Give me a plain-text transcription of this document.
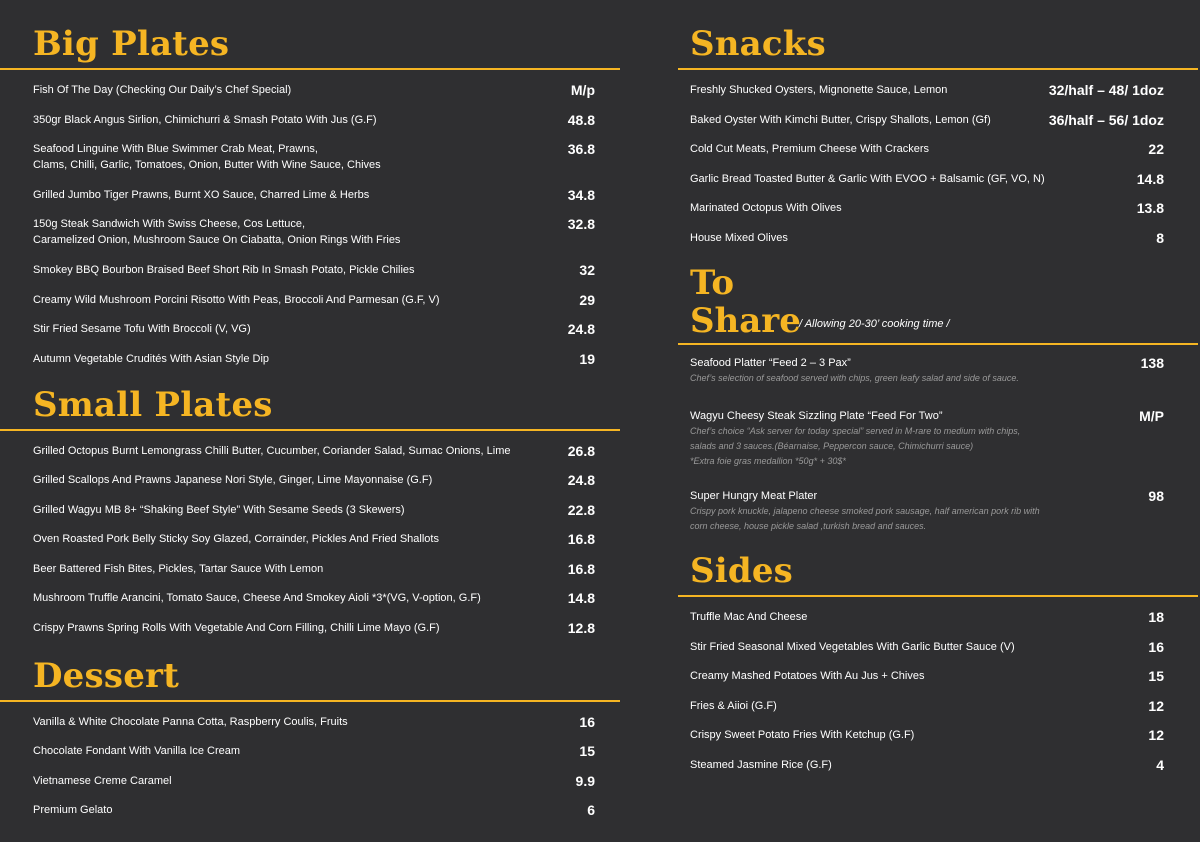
Big Plates
Fish Of The Day (Checking Our Daily’s Chef Special)	M/p
350gr Black Angus Sirlion, Chimichurri & Smash Potato With Jus (G.F)	48.8
Seafood Linguine With Blue Swimmer Crab Meat, Prawns,
Clams, Chilli, Garlic, Tomatoes, Onion, Butter With Wine Sauce, Chives
36.8
Grilled Jumbo Tiger Prawns, Burnt XO Sauce, Charred Lime & Herbs	34.8
150g Steak Sandwich With Swiss Cheese, Cos Lettuce,
Caramelized Onion, Mushroom Sauce On Ciabatta, Onion Rings With Fries
32.8
Smokey BBQ Bourbon Braised Beef Short Rib In Smash Potato, Pickle Chilies	32
Creamy Wild Mushroom Porcini Risotto With Peas, Broccoli And Parmesan (G.F, V)	29
Stir Fried Sesame Tofu With Broccoli (V, VG)	24.8
Autumn Vegetable Crudités With Asian Style Dip	19
Small Plates
Grilled Octopus Burnt Lemongrass Chilli Butter, Cucumber, Coriander Salad, Sumac Onions, Lime	26.8
Grilled Scallops And Prawns Japanese Nori Style, Ginger, Lime Mayonnaise (G.F)	24.8
Grilled Wagyu MB 8+ “Shaking Beef Style” With Sesame Seeds (3 Skewers)	22.8
Oven Roasted Pork Belly Sticky Soy Glazed, Corrainder, Pickles And Fried Shallots	16.8
Beer Battered Fish Bites, Pickles, Tartar Sauce With Lemon	16.8
Mushroom Truffle Arancini, Tomato Sauce, Cheese And Smokey Aioli *3*(VG, V-option, G.F)	14.8
Crispy Prawns Spring Rolls With Vegetable And Corn Filling, Chilli Lime Mayo (G.F)	12.8
Dessert
Vanilla & White Chocolate Panna Cotta, Raspberry Coulis, Fruits	16
Chocolate Fondant With Vanilla Ice Cream	15
Vietnamese Creme Caramel	9.9
Premium Gelato	6
Snacks
Freshly Shucked Oysters, Mignonette Sauce, Lemon	32/half – 48/ 1doz
Baked Oyster With Kimchi Butter, Crispy Shallots, Lemon (Gf)	36/half – 56/ 1doz
Cold Cut Meats, Premium Cheese With Crackers	22
Garlic Bread Toasted Butter & Garlic With EVOO + Balsamic (GF, VO, N)	14.8
Marinated Octopus With Olives	13.8
House Mixed Olives	8
To
Share
/ Allowing 20-30’ cooking time /
Seafood Platter “Feed 2 – 3 Pax”	138
Chef’s selection of seafood served with chips, green leafy salad and side of sauce.
Wagyu Cheesy Steak Sizzling Plate “Feed For Two”	M/P
Chef’s choice “Ask server for today special” served in M-rare to medium with chips,
salads and 3 sauces.(Béarnaise, Peppercon sauce, Chimichurri sauce)
*Extra foie gras medallion *50g* + 30$*
Super Hungry Meat Plater	98
Crispy pork knuckle, jalapeno cheese smoked pork sausage, half american pork rib with
corn cheese, house pickle salad ,turkish bread and sauces.
Sides
Truffle Mac And Cheese	18
Stir Fried Seasonal Mixed Vegetables With Garlic Butter Sauce (V)	16
Creamy Mashed Potatoes With Au Jus + Chives	15
Fries & Aiioi (G.F)	12
Crispy Sweet Potato Fries With Ketchup (G.F)	12
Steamed Jasmine Rice (G.F)	4
